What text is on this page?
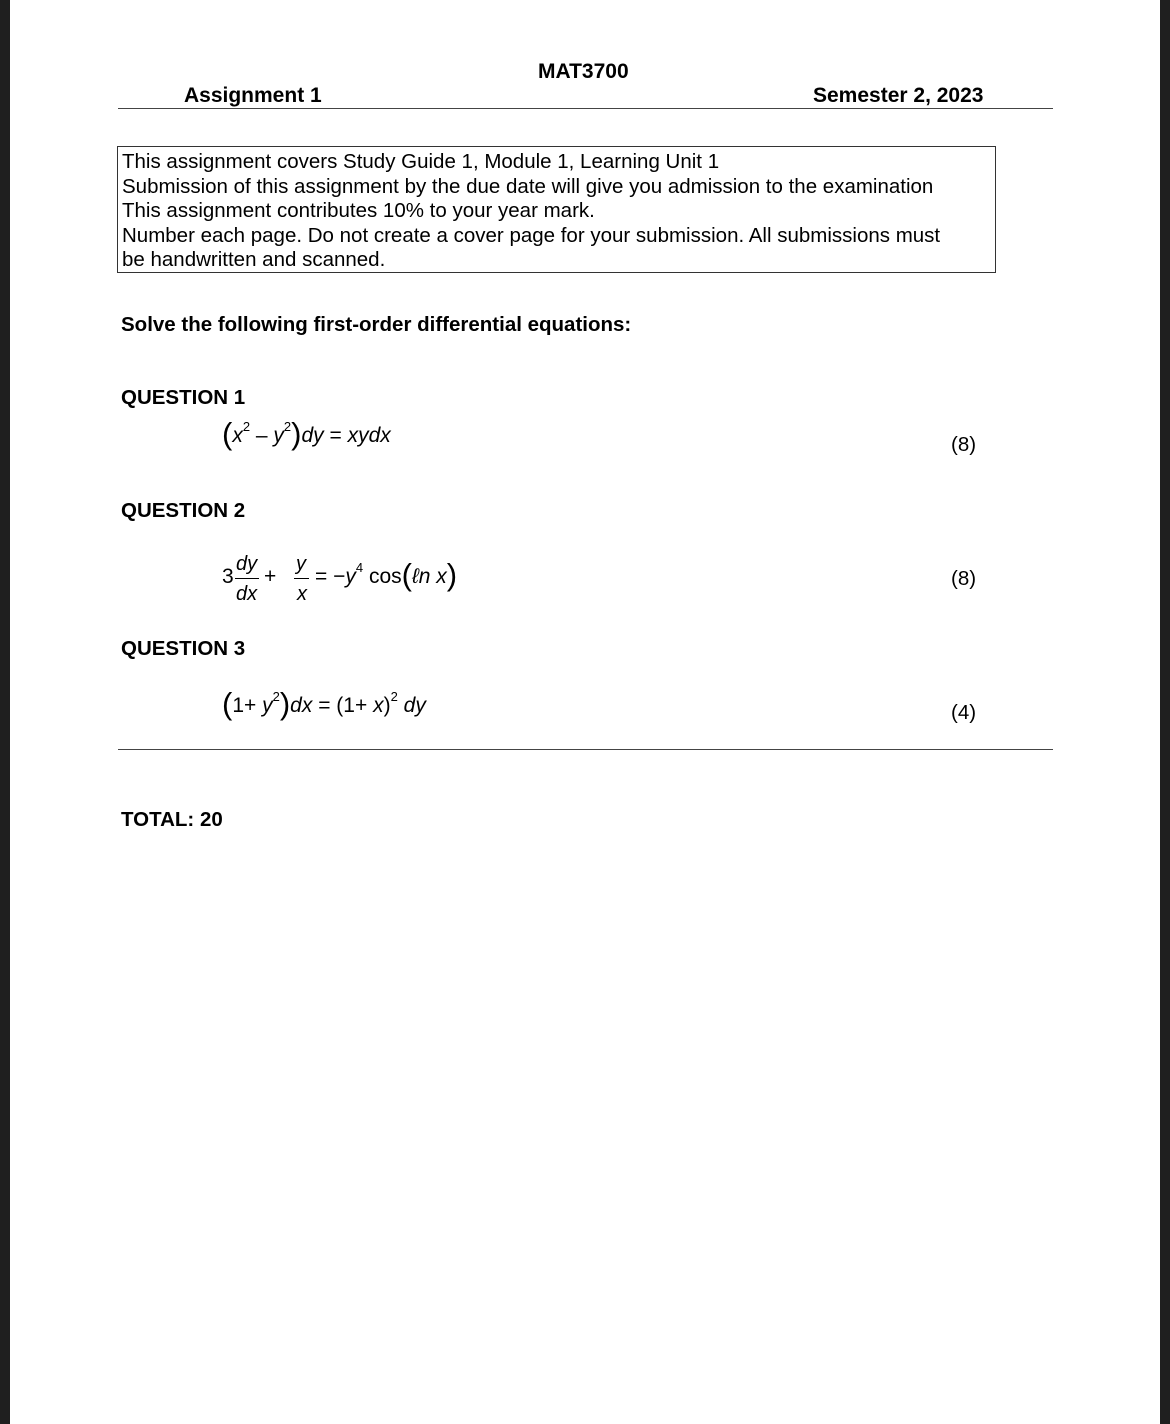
MAT3700
Assignment 1	Semester 2, 2023
This assignment covers Study Guide 1, Module 1, Learning Unit 1
Submission of this assignment by the due date will give you admission to the examination
This assignment contributes 10% to your year mark.
Number each page. Do not create a cover page for your submission. All submissions must
be handwritten and scanned.
Solve the following first-order differential equations:
QUESTION 1
$(x^2 - y^2)dy$ = xydx	(8)
QUESTION 2
3
dy
dx
+
y
x
= $-y^4$ cos(ℓn x)	(8)
QUESTION 3
$(1+ y^2)dx = (1+ x)^2$ dy	(4)
TOTAL: 20
